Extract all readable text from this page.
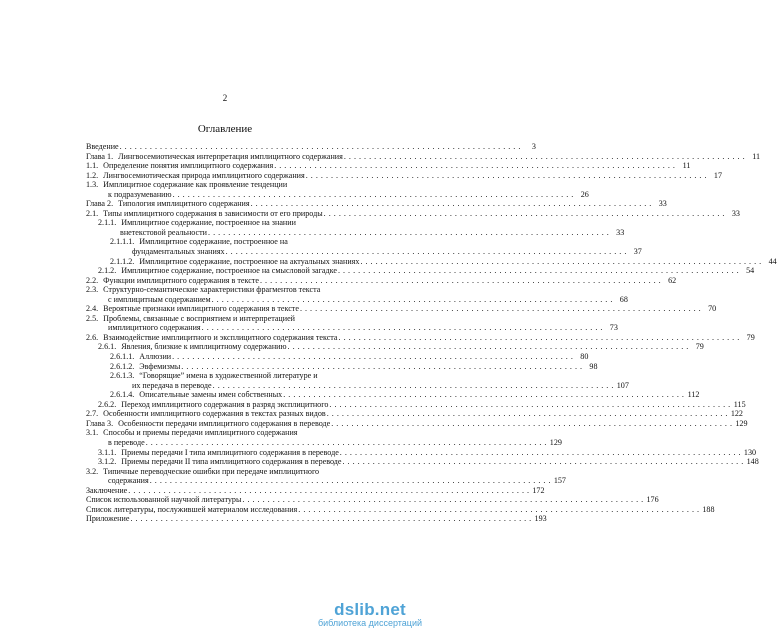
2
Оглавление
Введение . . . . . . . . . . . . . . . . . . . . . . . . . . . . . . . . . . . . . . . . . . . . . . . . . . . . . . . . . . . . . . . . . . . . . . . . . . . . . . . .	3
Глава 1. Лингвосемиотическая интерпретация имплицитного содержания . . . . . . . . . . . . . . . . . . . . . . . . . . . . . . . . . . . . . . . . . . . . . . . . . . . . . . . . . . . . . . . . . . . . . . . . . . . . . . . . 11
1.1. Определение понятия имплицитного содержания . . . . . . . . . . . . . . . . . . . . . . . . . . . . . . . . . . . . . . . . . . . . . . . . . . . . . . . . . . . . . . . . . . . . . . . . . . . . . . . . 11
1.2. Лингвосемиотическая природа имплицитного содержания . . . . . . . . . . . . . . . . . . . . . . . . . . . . . . . . . . . . . . . . . . . . . . . . . . . . . . . . . . . . . . . . . . . . . . . . . . . . . . . . 17
1.3. Имплицитное содержание как проявление тенденции
к подразумеванию . . . . . . . . . . . . . . . . . . . . . . . . . . . . . . . . . . . . . . . . . . . . . . . . . . . . . . . . . . . . . . . . . . . . . . . . . . . . . . . . 26
Глава 2. Типология имплицитного содержания . . . . . . . . . . . . . . . . . . . . . . . . . . . . . . . . . . . . . . . . . . . . . . . . . . . . . . . . . . . . . . . . . . . . . . . . . . . . . . . . 33
2.1. Типы имплицитного содержания в зависимости от его природы . . . . . . . . . . . . . . . . . . . . . . . . . . . . . . . . . . . . . . . . . . . . . . . . . . . . . . . . . . . . . . . . . . . . . . . . . . . . . . . . 33
2.1.1. Имплицитное содержание, построенное на знании
внетекстовой реальности . . . . . . . . . . . . . . . . . . . . . . . . . . . . . . . . . . . . . . . . . . . . . . . . . . . . . . . . . . . . . . . . . . . . . . . . . . . . . . . . 33
2.1.1.1. Имплицитное содержание, построенное на
фундаментальных знаниях . . . . . . . . . . . . . . . . . . . . . . . . . . . . . . . . . . . . . . . . . . . . . . . . . . . . . . . . . . . . . . . . . . . . . . . . . . . . . . . . 37
2.1.1.2. Имплицитное содержание, построенное на актуальных знаниях . . . . . . . . . . . . . . . . . . . . . . . . . . . . . . . . . . . . . . . . . . . . . . . . . . . . . . . . . . . . . . . . . . . . . . . . . . . . . . . . 44
2.1.2. Имплицитное содержание, построенное на смысловой загадке . . . . . . . . . . . . . . . . . . . . . . . . . . . . . . . . . . . . . . . . . . . . . . . . . . . . . . . . . . . . . . . . . . . . . . . . . . . . . . . . 54
2.2. Функции имплицитного содержания в тексте . . . . . . . . . . . . . . . . . . . . . . . . . . . . . . . . . . . . . . . . . . . . . . . . . . . . . . . . . . . . . . . . . . . . . . . . . . . . . . . . 62
2.3. Структурно-семантические характеристики фрагментов текста
с имплицитным содержанием . . . . . . . . . . . . . . . . . . . . . . . . . . . . . . . . . . . . . . . . . . . . . . . . . . . . . . . . . . . . . . . . . . . . . . . . . . . . . . . . 68
2.4. Вероятные признаки имплицитного содержания в тексте . . . . . . . . . . . . . . . . . . . . . . . . . . . . . . . . . . . . . . . . . . . . . . . . . . . . . . . . . . . . . . . . . . . . . . . . . . . . . . . . 70
2.5. Проблемы, связанные с восприятием и интерпретацией
имплицитного содержания . . . . . . . . . . . . . . . . . . . . . . . . . . . . . . . . . . . . . . . . . . . . . . . . . . . . . . . . . . . . . . . . . . . . . . . . . . . . . . . . 73
2.6. Взаимодействие имплицитного и эксплицитного содержания текста . . . . . . . . . . . . . . . . . . . . . . . . . . . . . . . . . . . . . . . . . . . . . . . . . . . . . . . . . . . . . . . . . . . . . . . . . . . . . . . . 79
2.6.1. Явления, близкие к имплицитному содержанию . . . . . . . . . . . . . . . . . . . . . . . . . . . . . . . . . . . . . . . . . . . . . . . . . . . . . . . . . . . . . . . . . . . . . . . . . . . . . . . . 79
2.6.1.1. Аллюзии . . . . . . . . . . . . . . . . . . . . . . . . . . . . . . . . . . . . . . . . . . . . . . . . . . . . . . . . . . . . . . . . . . . . . . . . . . . . . . . . 80
2.6.1.2. Эвфемизмы . . . . . . . . . . . . . . . . . . . . . . . . . . . . . . . . . . . . . . . . . . . . . . . . . . . . . . . . . . . . . . . . . . . . . . . . . . . . . . . . 98
2.6.1.3. “Говорящие” имена в художественной литературе и
их передача в переводе . . . . . . . . . . . . . . . . . . . . . . . . . . . . . . . . . . . . . . . . . . . . . . . . . . . . . . . . . . . . . . . . . . . . . . . . . . . . . . . . 107
2.6.1.4. Описательные замены имен собственных . . . . . . . . . . . . . . . . . . . . . . . . . . . . . . . . . . . . . . . . . . . . . . . . . . . . . . . . . . . . . . . . . . . . . . . . . . . . . . . . 112
2.6.2. Переход имплицитного содержания в разряд эксплицитного . . . . . . . . . . . . . . . . . . . . . . . . . . . . . . . . . . . . . . . . . . . . . . . . . . . . . . . . . . . . . . . . . . . . . . . . . . . . . . . . 115
2.7. Особенности имплицитного содержания в текстах разных видов . . . . . . . . . . . . . . . . . . . . . . . . . . . . . . . . . . . . . . . . . . . . . . . . . . . . . . . . . . . . . . . . . . . . . . . . . . . . . . . . 122
Глава 3. Особенности передачи имплицитного содержания в переводе . . . . . . . . . . . . . . . . . . . . . . . . . . . . . . . . . . . . . . . . . . . . . . . . . . . . . . . . . . . . . . . . . . . . . . . . . . . . . . . . 129
3.1. Способы и приемы передачи имплицитного содержания
в переводе . . . . . . . . . . . . . . . . . . . . . . . . . . . . . . . . . . . . . . . . . . . . . . . . . . . . . . . . . . . . . . . . . . . . . . . . . . . . . . . . 129
3.1.1. Приемы передачи I типа имплицитного содержания в переводе . . . . . . . . . . . . . . . . . . . . . . . . . . . . . . . . . . . . . . . . . . . . . . . . . . . . . . . . . . . . . . . . . . . . . . . . . . . . . . . . 130
3.1.2. Приемы передачи II типа имплицитного содержания в переводе . . . . . . . . . . . . . . . . . . . . . . . . . . . . . . . . . . . . . . . . . . . . . . . . . . . . . . . . . . . . . . . . . . . . . . . . . . . . . . . . 148
3.2. Типичные переводческие ошибки при передаче имплицитного
содержания . . . . . . . . . . . . . . . . . . . . . . . . . . . . . . . . . . . . . . . . . . . . . . . . . . . . . . . . . . . . . . . . . . . . . . . . . . . . . . . . 157
Заключение . . . . . . . . . . . . . . . . . . . . . . . . . . . . . . . . . . . . . . . . . . . . . . . . . . . . . . . . . . . . . . . . . . . . . . . . . . . . . . . . 172
Список использованной научной литературы . . . . . . . . . . . . . . . . . . . . . . . . . . . . . . . . . . . . . . . . . . . . . . . . . . . . . . . . . . . . . . . . . . . . . . . . . . . . . . . . 176
Список литературы, послужившей материалом исследования . . . . . . . . . . . . . . . . . . . . . . . . . . . . . . . . . . . . . . . . . . . . . . . . . . . . . . . . . . . . . . . . . . . . . . . . . . . . . . . . 188
Приложение . . . . . . . . . . . . . . . . . . . . . . . . . . . . . . . . . . . . . . . . . . . . . . . . . . . . . . . . . . . . . . . . . . . . . . . . . . . . . . . . 193
dslib.net
библиотека диссертаций
